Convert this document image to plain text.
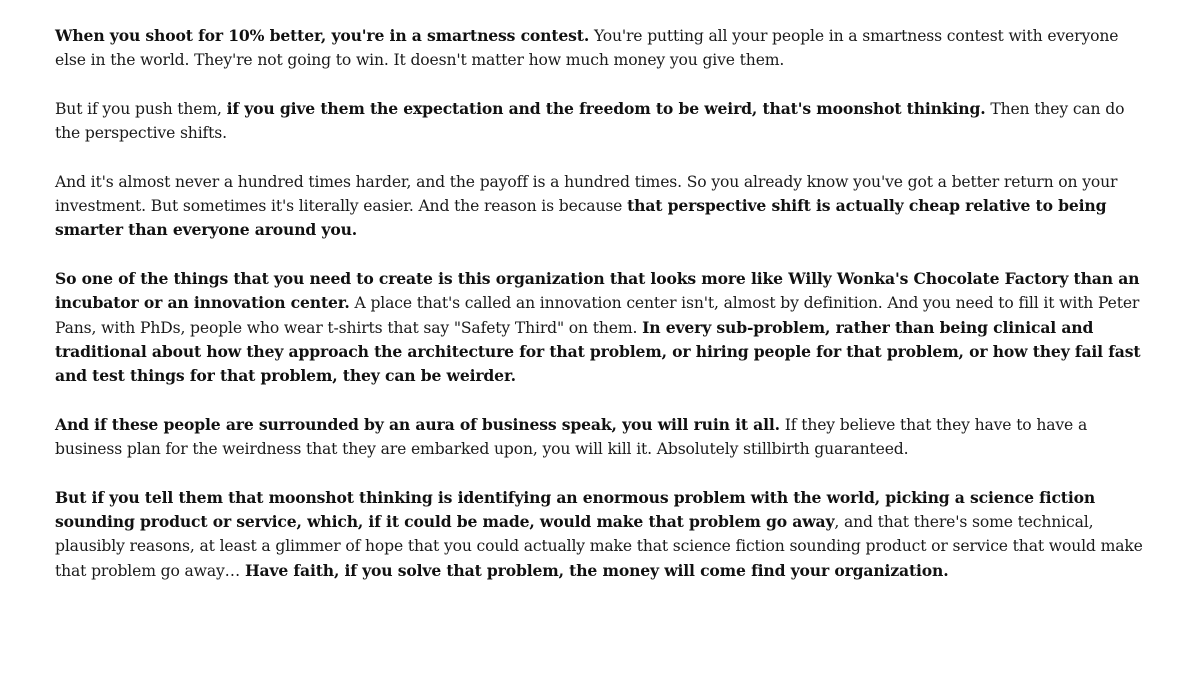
When you shoot for 10% better, you're in a smartness contest. You're putting all your people in a smartness contest with everyone else in the world. They're not going to win. It doesn't matter how much money you give them.

But if you push them, if you give them the expectation and the freedom to be weird, that's moonshot thinking. Then they can do the perspective shifts.

And it's almost never a hundred times harder, and the payoff is a hundred times. So you already know you've got a better return on your investment. But sometimes it's literally easier. And the reason is because that perspective shift is actually cheap relative to being smarter than everyone around you.

So one of the things that you need to create is this organization that looks more like Willy Wonka's Chocolate Factory than an incubator or an innovation center. A place that's called an innovation center isn't, almost by definition. And you need to fill it with Peter Pans, with PhDs, people who wear t-shirts that say "Safety Third" on them. In every sub-problem, rather than being clinical and traditional about how they approach the architecture for that problem, or hiring people for that problem, or how they fail fast and test things for that problem, they can be weirder.

And if these people are surrounded by an aura of business speak, you will ruin it all. If they believe that they have to have a business plan for the weirdness that they are embarked upon, you will kill it. Absolutely stillbirth guaranteed.

But if you tell them that moonshot thinking is identifying an enormous problem with the world, picking a science fiction sounding product or service, which, if it could be made, would make that problem go away, and that there's some technical, plausibly reasons, at least a glimmer of hope that you could actually make that science fiction sounding product or service that would make that problem go away… Have faith, if you solve that problem, the money will come find your organization.
